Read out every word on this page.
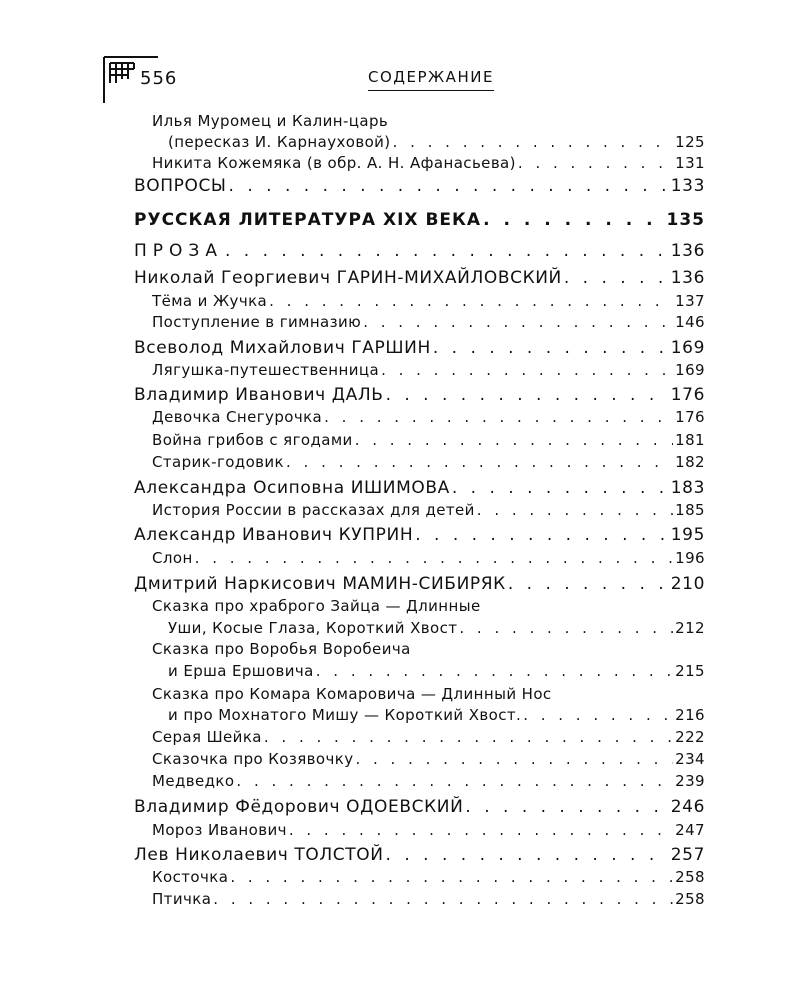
556	СОДЕРЖАНИЕ
Илья Муромец и Калин-царь
(пересказ И. Карнауховой) . . .	125
Никита Кожемяка (в обр. А. Н. Афанасьева) . . .	131
ВОПРОСЫ . . .	133
РУССКАЯ ЛИТЕРАТУРА XIX ВЕКА . . .	135
ПРОЗА . . .	136
Николай Георгиевич ГАРИН-МИХАЙЛОВСКИЙ . . .	136
Тёма и Жучка . . .	137
Поступление в гимназию . . .	146
Всеволод Михайлович ГАРШИН . . .	169
Лягушка-путешественница . . .	169
Владимир Иванович ДАЛЬ . . .	176
Девочка Снегурочка . . .	176
Война грибов с ягодами . . .	181
Старик-годовик . . .	182
Александра Осиповна ИШИМОВА . . .	183
История России в рассказах для детей . . .	185
Александр Иванович КУПРИН . . .	195
Слон . . .	196
Дмитрий Наркисович МАМИН-СИБИРЯК . . .	210
Сказка про храброго Зайца — Длинные
Уши, Косые Глаза, Короткий Хвост . . .	212
Сказка про Воробья Воробеича
и Ерша Ершовича . . .	215
Сказка про Комара Комаровича — Длинный Нос
и про Мохнатого Мишу — Короткий Хвост. . . .	216
Серая Шейка . . .	222
Сказочка про Козявочку . . .	234
Медведко . . .	239
Владимир Фёдорович ОДОЕВСКИЙ . . .	246
Мороз Иванович . . .	247
Лев Николаевич ТОЛСТОЙ . . .	257
Косточка . . .	258
Птичка . . .	258
